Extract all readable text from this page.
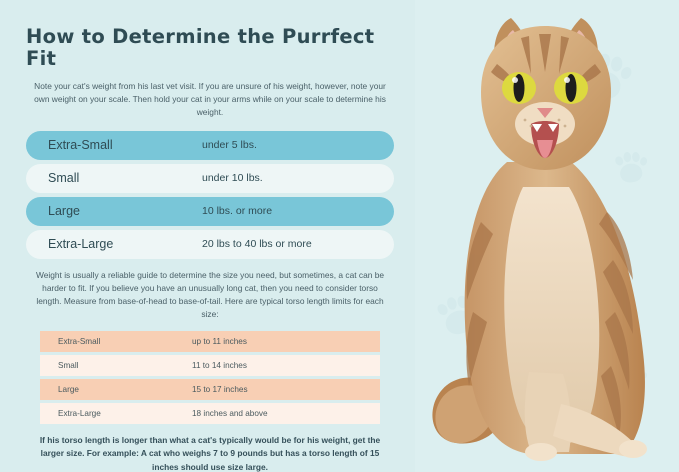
How to Determine the Purrfect Fit
Note your cat's weight from his last vet visit. If you are unsure of his weight, however, note your own weight on your scale. Then hold your cat in your arms while on your scale to determine his weight.
Extra-Small	under 5 lbs.
Small	under 10 lbs.
Large	10 lbs. or more
Extra-Large	20 lbs to 40 lbs or more
Weight is usually a reliable guide to determine the size you need, but sometimes, a cat can be harder to fit. If you believe you have an unusually long cat, then you need to consider torso length. Measure from base-of-head to base-of-tail. Here are typical torso length limits for each size:
Extra-Small	up to 11 inches
Small	11 to 14 inches
Large	15 to 17 inches
Extra-Large	18 inches and above
If his torso length is longer than what a cat's typically would be for his weight, get the larger size. For example: A cat who weighs 7 to 9 pounds but has a torso length of 15 inches should use size large.
